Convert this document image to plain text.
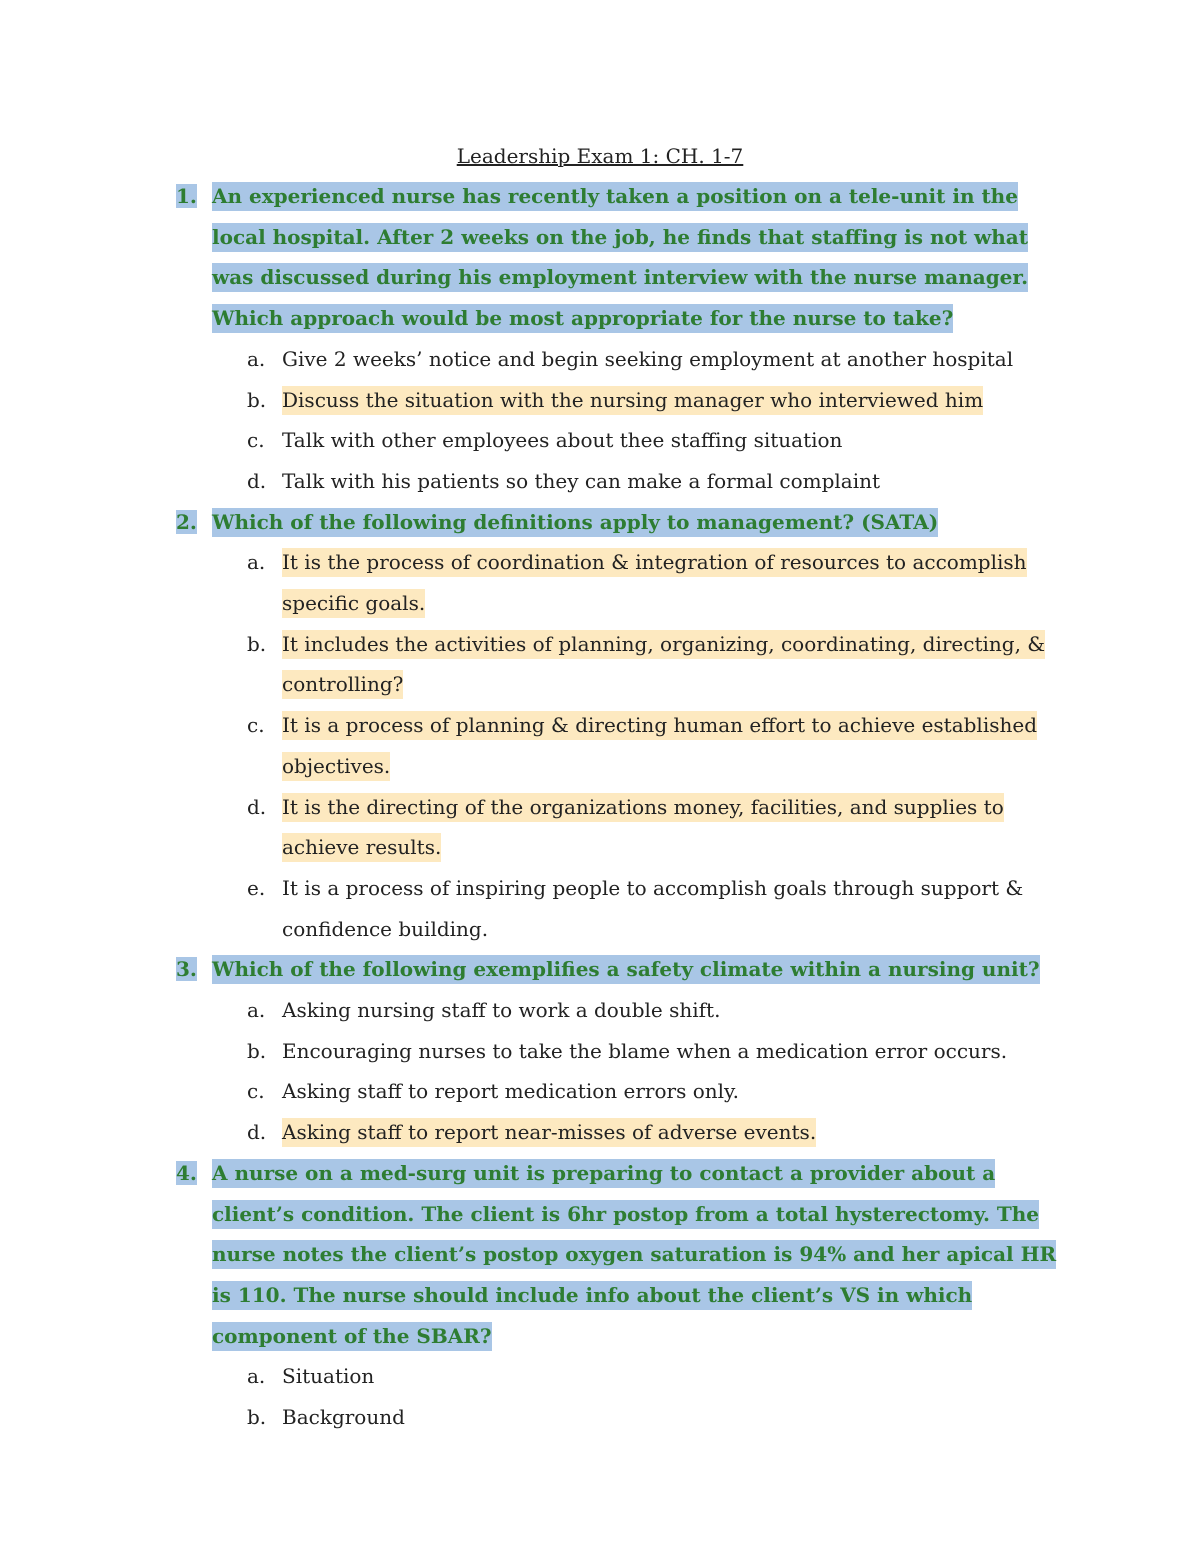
Leadership Exam 1: CH. 1-7
1. An experienced nurse has recently taken a position on a tele-unit in the local hospital. After 2 weeks on the job, he finds that staffing is not what was discussed during his employment interview with the nurse manager. Which approach would be most appropriate for the nurse to take?
a. Give 2 weeks’ notice and begin seeking employment at another hospital
b. Discuss the situation with the nursing manager who interviewed him
c. Talk with other employees about thee staffing situation
d. Talk with his patients so they can make a formal complaint
2. Which of the following definitions apply to management? (SATA)
a. It is the process of coordination & integration of resources to accomplish specific goals.
b. It includes the activities of planning, organizing, coordinating, directing, & controlling?
c. It is a process of planning & directing human effort to achieve established objectives.
d. It is the directing of the organizations money, facilities, and supplies to achieve results.
e. It is a process of inspiring people to accomplish goals through support & confidence building.
3. Which of the following exemplifies a safety climate within a nursing unit?
a. Asking nursing staff to work a double shift.
b. Encouraging nurses to take the blame when a medication error occurs.
c. Asking staff to report medication errors only.
d. Asking staff to report near-misses of adverse events.
4. A nurse on a med-surg unit is preparing to contact a provider about a client’s condition. The client is 6hr postop from a total hysterectomy. The nurse notes the client’s postop oxygen saturation is 94% and her apical HR is 110. The nurse should include info about the client’s VS in which component of the SBAR?
a. Situation
b. Background
